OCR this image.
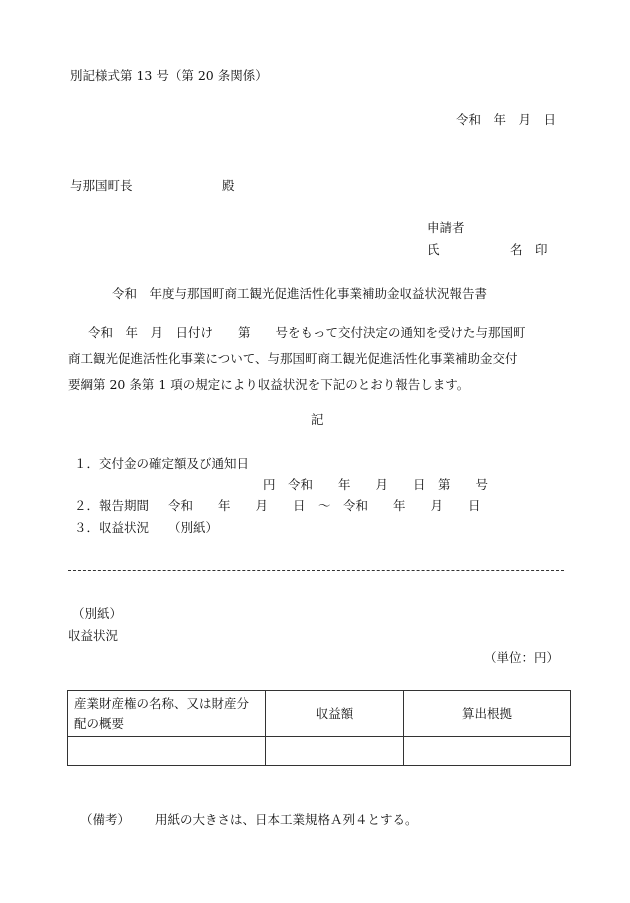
別記様式第 13 号（第 20 条関係）
令和　年　月　日
与那国町長	殿
申請者
氏	名　印
令和　年度与那国町商工観光促進活性化事業補助金収益状況報告書
令和　年　月　日付け　　第　　号をもって交付決定の通知を受けた与那国町
商工観光促進活性化事業について、与那国町商工観光促進活性化事業補助金交付
要綱第 20 条第 1 項の規定により収益状況を下記のとおり報告します。
記
１．交付金の確定額及び通知日
円　令和　　年　　月　　日　第　　号
２．報告期間 令和　　年　　月　　日　～　令和　　年　　月　　日
３．収益状況 （別紙）
（別紙）
収益状況
（単位：円）
産業財産権の名称、又は財産分配の概要	収益額	算出根拠

（備考） 用紙の大きさは、日本工業規格Ａ列４とする。
